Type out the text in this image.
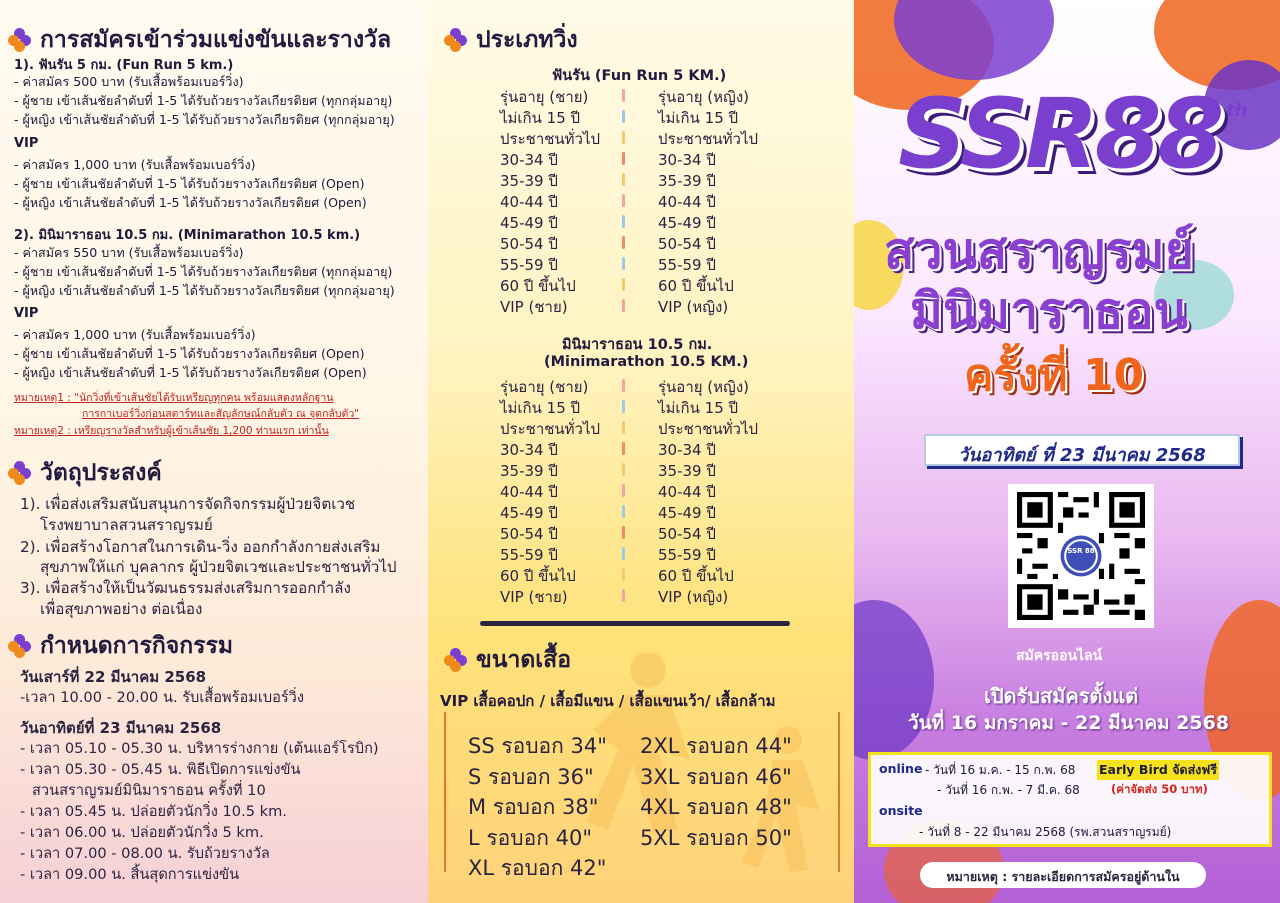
การสมัครเข้าร่วมแข่งขันและรางวัล
1). ฟันรัน 5 กม. (Fun Run 5 km.)
- ค่าสมัคร 500 บาท (รับเสื้อพร้อมเบอร์วิ่ง)
- ผู้ชาย เข้าเส้นชัยลำดับที่ 1-5 ได้รับถ้วยรางวัลเกียรติยศ (ทุกกลุ่มอายุ)
- ผู้หญิง เข้าเส้นชัยลำดับที่ 1-5 ได้รับถ้วยรางวัลเกียรติยศ (ทุกกลุ่มอายุ)
VIP
- ค่าสมัคร 1,000 บาท (รับเสื้อพร้อมเบอร์วิ่ง)
- ผู้ชาย เข้าเส้นชัยลำดับที่ 1-5 ได้รับถ้วยรางวัลเกียรติยศ (Open)
- ผู้หญิง เข้าเส้นชัยลำดับที่ 1-5 ได้รับถ้วยรางวัลเกียรติยศ (Open)
2). มินิมาราธอน 10.5 กม. (Minimarathon 10.5 km.)
- ค่าสมัคร 550 บาท (รับเสื้อพร้อมเบอร์วิ่ง)
- ผู้ชาย เข้าเส้นชัยลำดับที่ 1-5 ได้รับถ้วยรางวัลเกียรติยศ (ทุกกลุ่มอายุ)
- ผู้หญิง เข้าเส้นชัยลำดับที่ 1-5 ได้รับถ้วยรางวัลเกียรติยศ (ทุกกลุ่มอายุ)
VIP
- ค่าสมัคร 1,000 บาท (รับเสื้อพร้อมเบอร์วิ่ง)
- ผู้ชาย เข้าเส้นชัยลำดับที่ 1-5 ได้รับถ้วยรางวัลเกียรติยศ (Open)
- ผู้หญิง เข้าเส้นชัยลำดับที่ 1-5 ได้รับถ้วยรางวัลเกียรติยศ (Open)
หมายเหตุ1 : "นักวิ่งที่เข้าเส้นชัยได้รับเหรียญทุกคน พร้อมแสดงหลักฐาน
การกาเบอร์วิ่งก่อนสตาร์ทและสัญลักษณ์กลับตัว ณ จุดกลับตัว"
หมายเหตุ2 : เหรียญรางวัลสำหรับผู้เข้าเส้นชัย 1,200 ท่านแรก เท่านั้น
วัตถุประสงค์
1). เพื่อส่งเสริมสนับสนุนการจัดกิจกรรมผู้ป่วยจิตเวช
โรงพยาบาลสวนสราญรมย์
2). เพื่อสร้างโอกาสในการเดิน-วิ่ง ออกกำลังกายส่งเสริม
สุขภาพให้แก่ บุคลากร ผู้ป่วยจิตเวชและประชาชนทั่วไป
3). เพื่อสร้างให้เป็นวัฒนธรรมส่งเสริมการออกกำลัง
เพื่อสุขภาพอย่าง ต่อเนื่อง
กำหนดการกิจกรรม
วันเสาร์ที่ 22 มีนาคม 2568
-เวลา 10.00 - 20.00 น. รับเสื้อพร้อมเบอร์วิ่ง
วันอาทิตย์ที่ 23 มีนาคม 2568
- เวลา 05.10 - 05.30 น. บริหารร่างกาย (เต้นแอร์โรบิก)
- เวลา 05.30 - 05.45 น. พิธีเปิดการแข่งขัน
สวนสราญรมย์มินิมาราธอน ครั้งที่ 10
- เวลา 05.45 น. ปล่อยตัวนักวิ่ง 10.5 km.
- เวลา 06.00 น. ปล่อยตัวนักวิ่ง 5 km.
- เวลา 07.00 - 08.00 น. รับถ้วยรางวัล
- เวลา 09.00 น. สิ้นสุดการแข่งขัน
ประเภทวิ่ง
ฟันรัน (Fun Run 5 KM.)
รุ่นอายุ (ชาย)	รุ่นอายุ (หญิง)
ไม่เกิน 15 ปี	ไม่เกิน 15 ปี
ประชาชนทั่วไป	ประชาชนทั่วไป
30-34 ปี	30-34 ปี
35-39 ปี	35-39 ปี
40-44 ปี	40-44 ปี
45-49 ปี	45-49 ปี
50-54 ปี	50-54 ปี
55-59 ปี	55-59 ปี
60 ปี ขึ้นไป	60 ปี ขึ้นไป
VIP (ชาย)	VIP (หญิง)
มินิมาราธอน 10.5 กม.
(Minimarathon 10.5 KM.)
รุ่นอายุ (ชาย)	รุ่นอายุ (หญิง)
ไม่เกิน 15 ปี	ไม่เกิน 15 ปี
ประชาชนทั่วไป	ประชาชนทั่วไป
30-34 ปี	30-34 ปี
35-39 ปี	35-39 ปี
40-44 ปี	40-44 ปี
45-49 ปี	45-49 ปี
50-54 ปี	50-54 ปี
55-59 ปี	55-59 ปี
60 ปี ขึ้นไป	60 ปี ขึ้นไป
VIP (ชาย)	VIP (หญิง)
ขนาดเสื้อ
VIP เสื้อคอปก / เสื้อมีแขน / เสื้อแขนเว้า/ เสื้อกล้าม
SS รอบอก 34"
S รอบอก 36"
M รอบอก 38"
L รอบอก 40"
XL รอบอก 42"
2XL รอบอก 44"
3XL รอบอก 46"
4XL รอบอก 48"
5XL รอบอก 50"
SSR88 th
สวนสราญรมย์
มินิมาราธอน
ครั้งที่ 10
วันอาทิตย์ ที่ 23 มีนาคม 2568
SSR 88
สมัครออนไลน์
เปิดรับสมัครตั้งแต่
วันที่ 16 มกราคม - 22 มีนาคม 2568
online - วันที่ 16 ม.ค. - 15 ก.พ. 68 Early Bird จัดส่งฟรี
- วันที่ 16 ก.พ. - 7 มี.ค. 68	(ค่าจัดส่ง 50 บาท)
onsite
- วันที่ 8 - 22 มีนาคม 2568 (รพ.สวนสราญรมย์)
หมายเหตุ : รายละเอียดการสมัครอยู่ด้านใน
